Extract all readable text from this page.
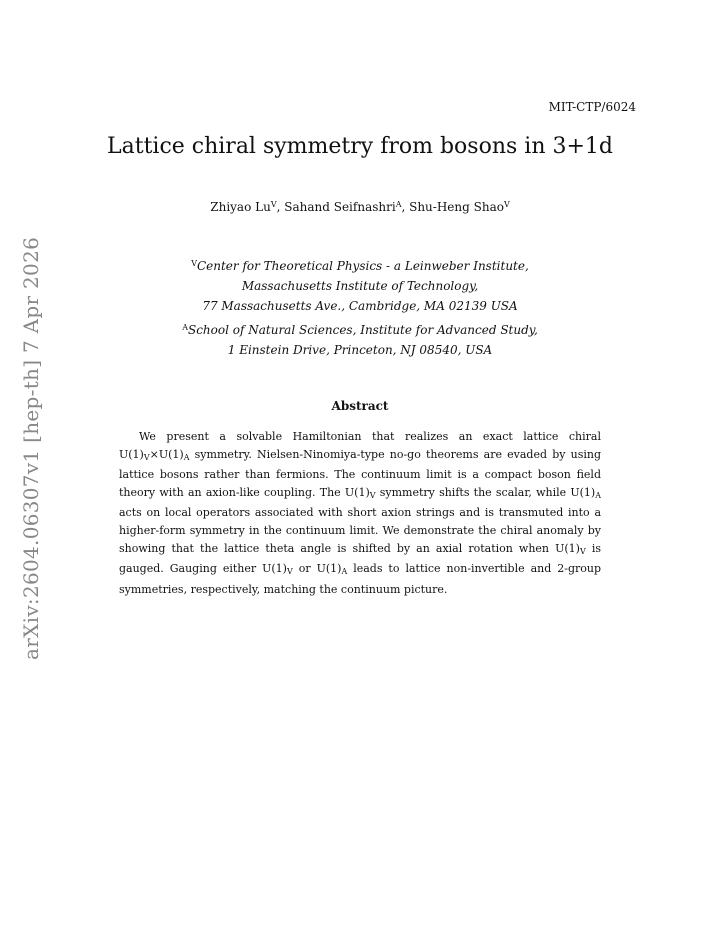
MIT-CTP/6024
Lattice chiral symmetry from bosons in 3+1d
Zhiyao $Lu^V$, Sahand Seifnashri$^A$, Shu-Heng Shao$^V$
$^V$Center for Theoretical Physics - a Leinweber Institute,
Massachusetts Institute of Technology,
77 Massachusetts Ave., Cambridge, MA 02139 USA
$^A$School of Natural Sciences, Institute for Advanced Study,
1 Einstein Drive, Princeton, NJ 08540, USA
Abstract

We present a solvable Hamiltonian that realizes an exact lattice chiral $U(1)_V\times U(1)_A$ symmetry. Nielsen-Ninomiya-type no-go theorems are evaded by using lattice bosons rather than fermions. The continuum limit is a compact boson field theory with an axion-like coupling. The $U(1)_V$ symmetry shifts the scalar, while $U(1)_A$ acts on local operators associated with short axion strings and is transmuted into a higher-form symmetry in the continuum limit. We demonstrate the chiral anomaly by showing that the lattice theta angle is shifted by an axial rotation when $U(1)_V$ is gauged. Gauging either $U(1)_V$ or $U(1)_A$ leads to lattice non-invertible and 2-group symmetries, respectively, matching the continuum picture.

arXiv:2604.06307v1 [hep-th] 7 Apr 2026
